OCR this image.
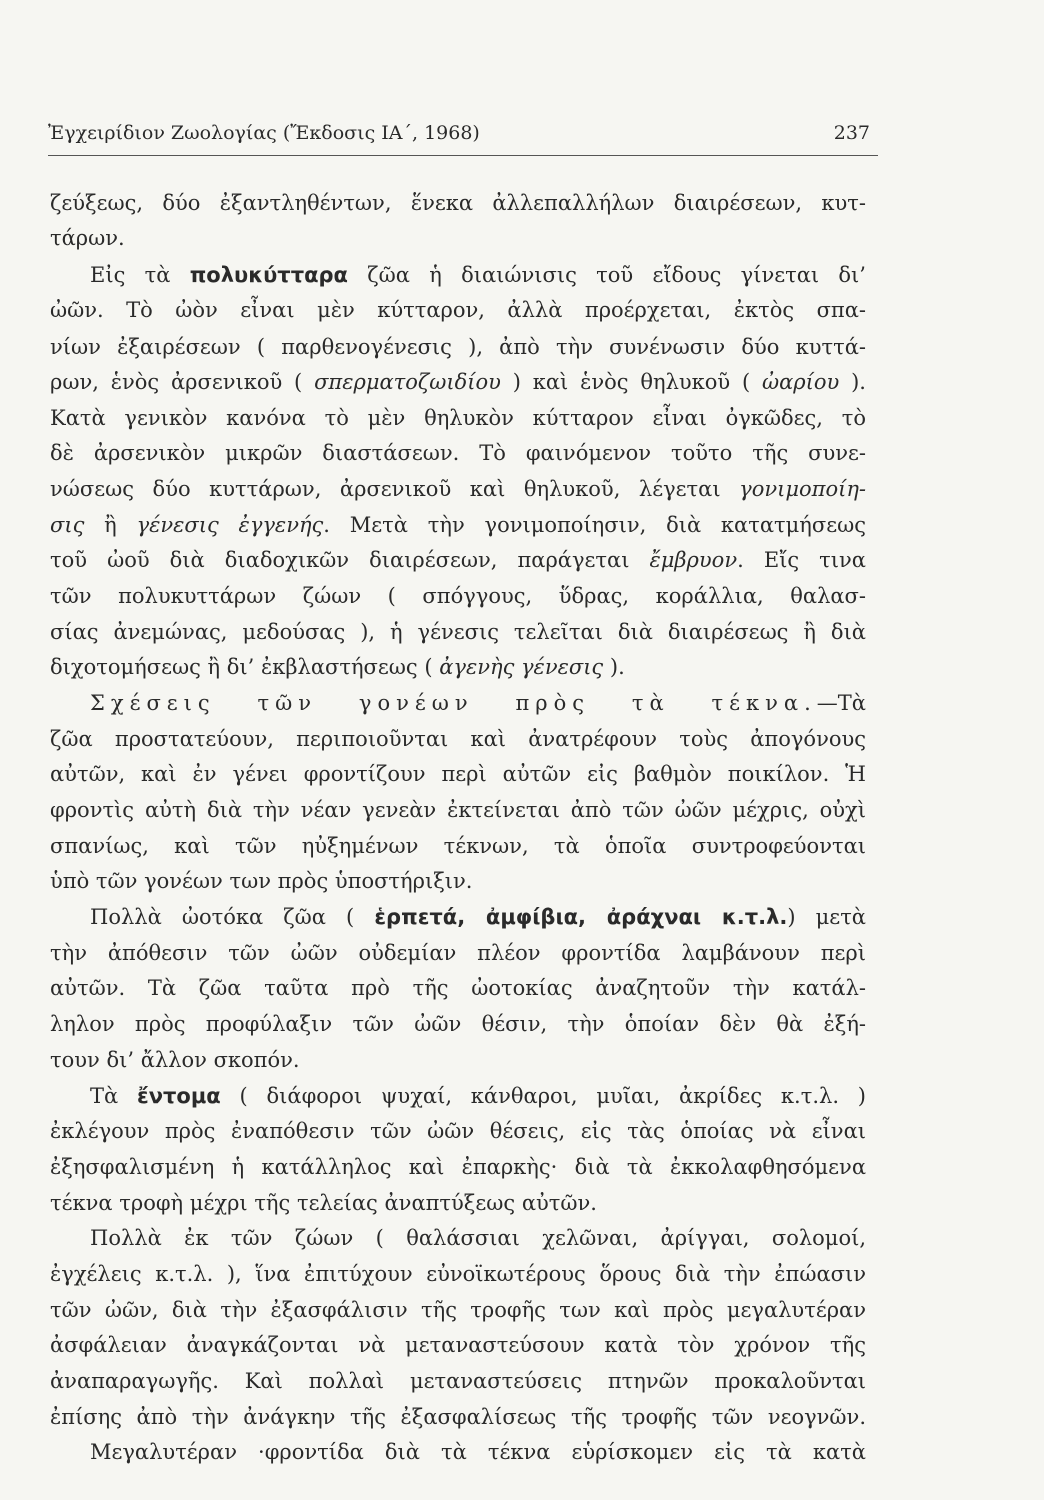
Ἐγχειρίδιον Ζωολογίας (Ἔκδοσις ΙΑ΄, 1968)	237
ζεύξεως, δύο ἐξαντληθέντων, ἕνεκα ἀλλεπαλλήλων διαιρέσεων, κυτ-
τάρων.
Εἰς τὰ πολυκύτταρα ζῶα ἡ διαιώνισις τοῦ εἴδους γίνεται δι’
ὠῶν. Τὸ ὠὸν εἶναι μὲν κύτταρον, ἀλλὰ προέρχεται, ἐκτὸς σπα-
νίων ἐξαιρέσεων ( παρθενογένεσις ), ἀπὸ τὴν συνένωσιν δύο κυττά-
ρων, ἑνὸς ἀρσενικοῦ ( σπερματοζωιδίου ) καὶ ἑνὸς θηλυκοῦ ( ὠαρίου ).
Κατὰ γενικὸν κανόνα τὸ μὲν θηλυκὸν κύτταρον εἶναι ὀγκῶδες, τὸ
δὲ ἀρσενικὸν μικρῶν διαστάσεων. Τὸ φαινόμενον τοῦτο τῆς συνε-
νώσεως δύο κυττάρων, ἀρσενικοῦ καὶ θηλυκοῦ, λέγεται γονιμοποίη-
σις ἢ γένεσις ἐγγενής. Μετὰ τὴν γονιμοποίησιν, διὰ κατατμήσεως
τοῦ ὠοῦ διὰ διαδοχικῶν διαιρέσεων, παράγεται ἔμβρυον. Εἴς τινα
τῶν πολυκυττάρων ζώων ( σπόγγους, ὕδρας, κοράλλια, θαλασ-
σίας ἀνεμώνας, μεδούσας ), ἡ γένεσις τελεῖται διὰ διαιρέσεως ἢ διὰ
διχοτομήσεως ἢ δι’ ἐκβλαστήσεως ( ἀγενὴς γένεσις ).
Σχέσεις τῶν γονέων πρὸς τὰ τέκνα.—Τὰ
ζῶα προστατεύουν, περιποιοῦνται καὶ ἀνατρέφουν τοὺς ἀπογόνους
αὐτῶν, καὶ ἐν γένει φροντίζουν περὶ αὐτῶν εἰς βαθμὸν ποικίλον. Ἡ
φροντὶς αὐτὴ διὰ τὴν νέαν γενεὰν ἐκτείνεται ἀπὸ τῶν ὠῶν μέχρις, οὐχὶ
σπανίως, καὶ τῶν ηὐξημένων τέκνων, τὰ ὁποῖα συντροφεύονται
ὑπὸ τῶν γονέων των πρὸς ὑποστήριξιν.
Πολλὰ ὠοτόκα ζῶα ( ἑρπετά, ἀμφίβια, ἀράχναι κ.τ.λ.) μετὰ
τὴν ἀπόθεσιν τῶν ὠῶν οὐδεμίαν πλέον φροντίδα λαμβάνουν περὶ
αὐτῶν. Τὰ ζῶα ταῦτα πρὸ τῆς ὠοτοκίας ἀναζητοῦν τὴν κατάλ-
ληλον πρὸς προφύλαξιν τῶν ὠῶν θέσιν, τὴν ὁποίαν δὲν θὰ ἐξή-
τουν δι’ ἄλλον σκοπόν.
Τὰ ἔντομα ( διάφοροι ψυχαί, κάνθαροι, μυῖαι, ἀκρίδες κ.τ.λ. )
ἐκλέγουν πρὸς ἐναπόθεσιν τῶν ὠῶν θέσεις, εἰς τὰς ὁποίας νὰ εἶναι
ἐξησφαλισμένη ἡ κατάλληλος καὶ ἐπαρκὴς· διὰ τὰ ἐκκολαφθησόμενα
τέκνα τροφὴ μέχρι τῆς τελείας ἀναπτύξεως αὐτῶν.
Πολλὰ ἐκ τῶν ζώων ( θαλάσσιαι χελῶναι, ἀρίγγαι, σολομοί,
ἐγχέλεις κ.τ.λ. ), ἵνα ἐπιτύχουν εὐνοϊκωτέρους ὅρους διὰ τὴν ἐπώασιν
τῶν ὠῶν, διὰ τὴν ἐξασφάλισιν τῆς τροφῆς των καὶ πρὸς μεγαλυτέραν
ἀσφάλειαν ἀναγκάζονται νὰ μεταναστεύσουν κατὰ τὸν χρόνον τῆς
ἀναπαραγωγῆς. Καὶ πολλαὶ μεταναστεύσεις πτηνῶν προκαλοῦνται
ἐπίσης ἀπὸ τὴν ἀνάγκην τῆς ἐξασφαλίσεως τῆς τροφῆς τῶν νεογνῶν.
Μεγαλυτέραν ·φροντίδα διὰ τὰ τέκνα εὑρίσκομεν εἰς τὰ κατὰ
